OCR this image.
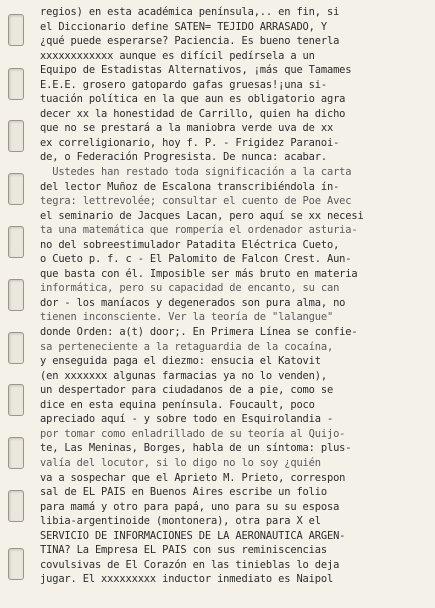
regios) en esta académica península,.. en fin, si
el Diccionario define SATEN= TEJIDO ARRASADO, Y
¿qué puede esperarse? Paciencia. Es bueno tenerla
xxxxxxxxxxxx aunque es difícil pedírsela a un
Equipo de Estadistas Alternativos, ¡más que Tamames
E.E.E. grosero gatopardo gafas gruesas!¡una si-
tuación política en la que aun es obligatorio agra
decer xx la honestidad de Carrillo, quien ha dicho
que no se prestará a la maniobra verde uva de xx
ex correligionario, hoy f. P. - Frigidez Paranoi-
de, o Federación Progresista. De nunca: acabar.
Ustedes han restado toda significación a la carta
del lector Muñoz de Escalona transcribiéndola ín-
tegra: lettrevolée; consultar el cuento de Poe Avec
el seminario de Jacques Lacan, pero aquí se xx necesi
ta una matemática que rompería el ordenador asturia-
no del sobreestimulador Patadita Eléctrica Cueto,
o Cueto p. f. c - El Palomito de Falcon Crest. Aun-
que basta con él. Imposible ser más bruto en materia
informática, pero su capacidad de encanto, su can
dor - los maníacos y degenerados son pura alma, no
tienen inconsciente. Ver la teoría de "lalangue"
donde Orden: a(t) door;. En Primera Línea se confie-
sa perteneciente a la retaguardia de la cocaína,
y enseguida paga el diezmo: ensucia el Katovit
(en xxxxxxx algunas farmacias ya no lo venden),
un despertador para ciudadanos de a pie, como se
dice en esta equina península. Foucault, poco
apreciado aquí - y sobre todo en Esquirolandia -
por tomar como enladrillado de su teoría al Quijo-
te, Las Meninas, Borges, habla de un síntoma: plus-
valía del locutor, si lo digo no lo soy ¿quién
va a sospechar que el Aprieto M. Prieto, correspon
sal de EL PAIS en Buenos Aires escribe un folio
para mamá y otro para papá, uno para su su esposa
libia-argentinoide (montonera), otra para X el
SERVICIO DE INFORMACIONES DE LA AERONAUTICA ARGEN-
TINA? La Empresa EL PAIS con sus reminiscencias
covulsivas de El Corazón en las tinieblas lo deja
jugar. El xxxxxxxxx inductor inmediato es Naipol
